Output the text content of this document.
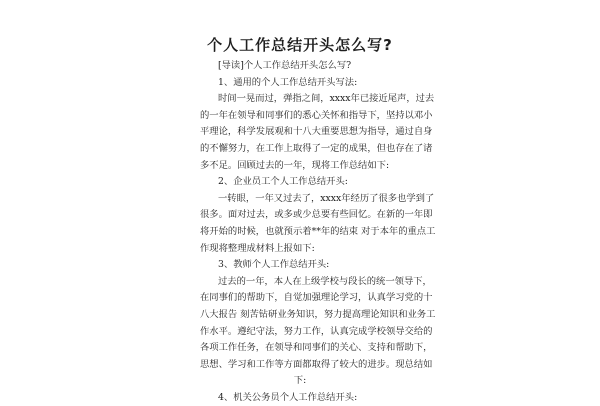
个人工作总结开头怎么写?

[导读]个人工作总结开头怎么写?

1、通用的个人工作总结开头写法:

时间一晃而过，弹指之间，xxxx年已接近尾声，过去

的一年在领导和同事们的悉心关怀和指导下，坚持以邓小

平理论，科学发展观和十八大重要思想为指导，通过自身

的不懈努力，在工作上取得了一定的成果，但也存在了诸

多不足。回顾过去的一年，现将工作总结如下:

2、企业员工个人工作总结开头:

一转眼，一年又过去了，xxxx年经历了很多也学到了

很多。面对过去，或多或少总要有些回忆。在新的一年即

将开始的时候，也就预示着**年的结束 对于本年的重点工

作现将整理成材料上报如下:

3、教师个人工作总结开头:

过去的一年，本人在上级学校与段长的统一领导下，

在同事们的帮助下，自觉加强理论学习，认真学习党的十

八大报告 刻苦钻研业务知识，努力提高理论知识和业务工

作水平。遵纪守法，努力工作，认真完成学校领导交给的

各项工作任务，在领导和同事们的关心、支持和帮助下，

思想、学习和工作等方面都取得了较大的进步。现总结如

下:

4、机关公务员个人工作总结开头:
